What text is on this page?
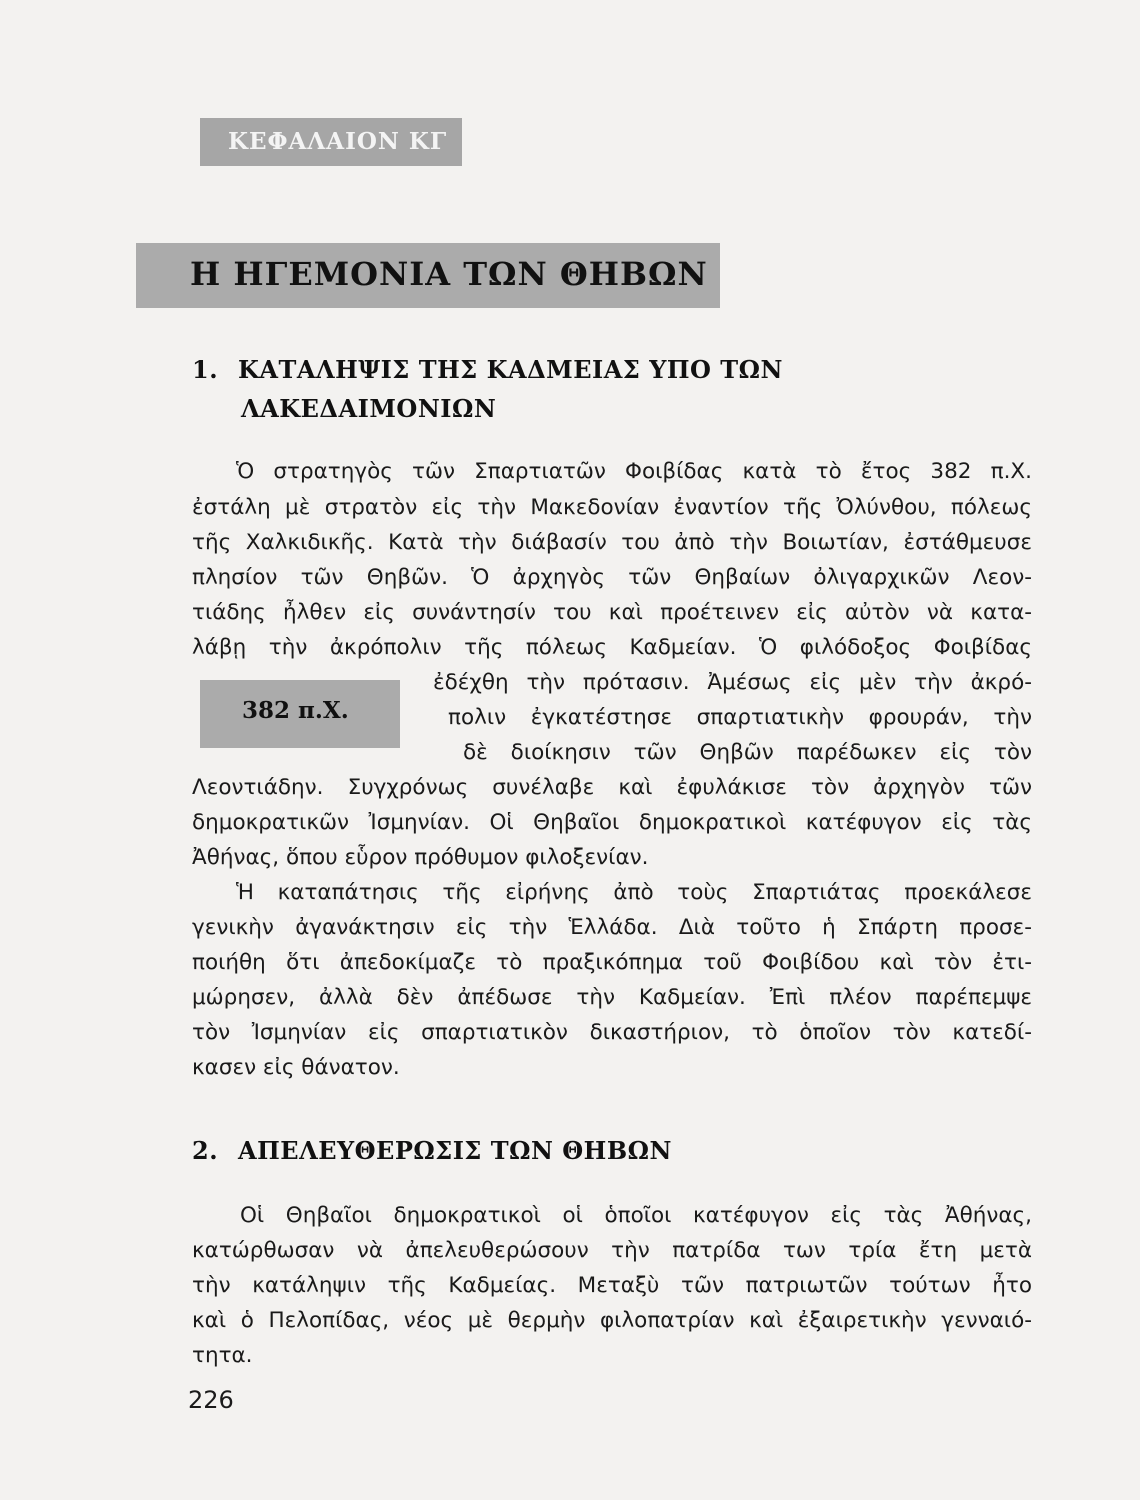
ΚΕΦΑΛΑΙΟΝ ΚΓ
Η ΗΓΕΜΟΝΙΑ ΤΩΝ ΘΗΒΩΝ
1. ΚΑΤΑΛΗΨΙΣ ΤΗΣ ΚΑΔΜΕΙΑΣ ΥΠΟ ΤΩΝ
ΛΑΚΕΔΑΙΜΟΝΙΩΝ
Ὁ στρατηγὸς τῶν Σπαρτιατῶν Φοιβίδας κατὰ τὸ ἔτος 382 π.Χ.
ἐστάλη μὲ στρατὸν εἰς τὴν Μακεδονίαν ἐναντίον τῆς Ὀλύνθου, πόλεως
τῆς Χαλκιδικῆς. Κατὰ τὴν διάβασίν του ἀπὸ τὴν Βοιωτίαν, ἐστάθμευσε
πλησίον τῶν Θηβῶν. Ὁ ἀρχηγὸς τῶν Θηβαίων ὀλιγαρχικῶν Λεον-
τιάδης ἦλθεν εἰς συνάντησίν του καὶ προέτεινεν εἰς αὐτὸν νὰ κατα-
λάβῃ τὴν ἀκρόπολιν τῆς πόλεως Καδμείαν. Ὁ φιλόδοξος Φοιβίδας
382 π.Χ.
ἐδέχθη τὴν πρότασιν. Ἀμέσως εἰς μὲν τὴν ἀκρό-
πολιν ἐγκατέστησε σπαρτιατικὴν φρουράν, τὴν
δὲ διοίκησιν τῶν Θηβῶν παρέδωκεν εἰς τὸν
Λεοντιάδην. Συγχρόνως συνέλαβε καὶ ἐφυλάκισε τὸν ἀρχηγὸν τῶν
δημοκρατικῶν Ἰσμηνίαν. Οἱ Θηβαῖοι δημοκρατικοὶ κατέφυγον εἰς τὰς
Ἀθήνας, ὅπου εὗρον πρόθυμον φιλοξενίαν.
Ἡ καταπάτησις τῆς εἰρήνης ἀπὸ τοὺς Σπαρτιάτας προεκάλεσε
γενικὴν ἀγανάκτησιν εἰς τὴν Ἑλλάδα. Διὰ τοῦτο ἡ Σπάρτη προσε-
ποιήθη ὅτι ἀπεδοκίμαζε τὸ πραξικόπημα τοῦ Φοιβίδου καὶ τὸν ἐτι-
μώρησεν, ἀλλὰ δὲν ἀπέδωσε τὴν Καδμείαν. Ἐπὶ πλέον παρέπεμψε
τὸν Ἰσμηνίαν εἰς σπαρτιατικὸν δικαστήριον, τὸ ὁποῖον τὸν κατεδί-
κασεν εἰς θάνατον.
2. ΑΠΕΛΕΥΘΕΡΩΣΙΣ ΤΩΝ ΘΗΒΩΝ
Οἱ Θηβαῖοι δημοκρατικοὶ οἱ ὁποῖοι κατέφυγον εἰς τὰς Ἀθήνας,
κατώρθωσαν νὰ ἀπελευθερώσουν τὴν πατρίδα των τρία ἔτη μετὰ
τὴν κατάληψιν τῆς Καδμείας. Μεταξὺ τῶν πατριωτῶν τούτων ἦτο
καὶ ὁ Πελοπίδας, νέος μὲ θερμὴν φιλοπατρίαν καὶ ἐξαιρετικὴν γενναιό-
τητα.
226
